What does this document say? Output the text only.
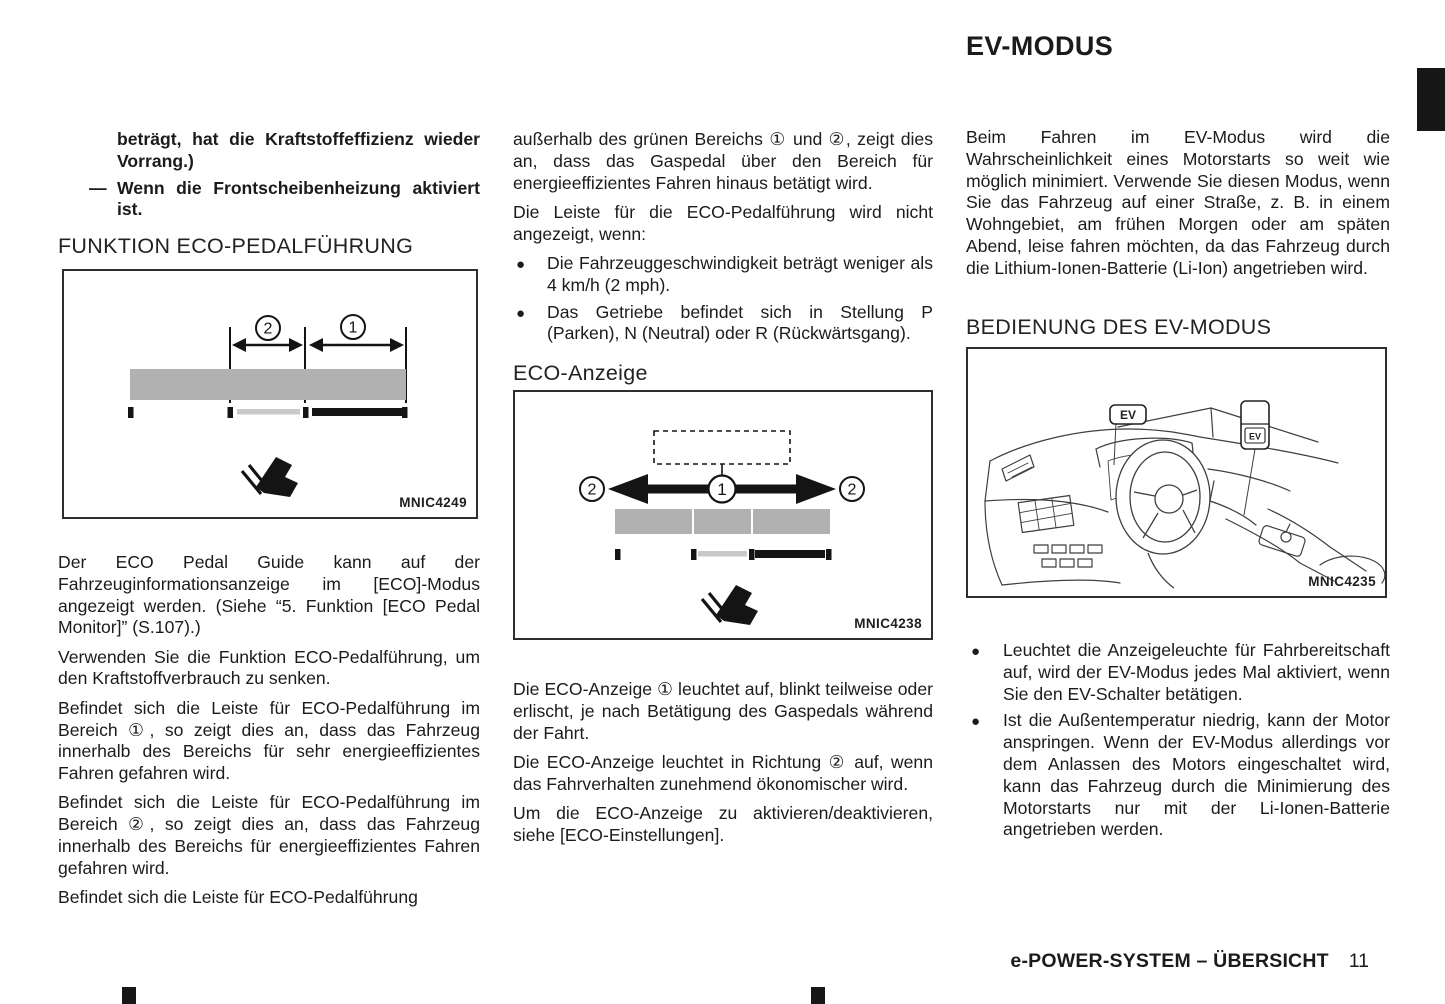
EV-MODUS
beträgt, hat die Kraftstoffeffizienz wieder Vorrang.)
— Wenn die Frontscheibenheizung aktiviert ist.
FUNKTION ECO-PEDALFÜHRUNG
2	1
MNIC4249

Der ECO Pedal Guide kann auf der Fahrzeuginformationsanzeige im [ECO]-Modus angezeigt werden. (Siehe “5. Funktion [ECO Pedal Monitor]” (S.107).)

Verwenden Sie die Funktion ECO-Pedalführung, um den Kraftstoffverbrauch zu senken.

Befindet sich die Leiste für ECO-Pedalführung im Bereich ①, so zeigt dies an, dass das Fahrzeug innerhalb des Bereichs für sehr energieeffizientes Fahren gefahren wird.

Befindet sich die Leiste für ECO-Pedalführung im Bereich ②, so zeigt dies an, dass das Fahrzeug innerhalb des Bereichs für energieeffizientes Fahren gefahren wird.

Befindet sich die Leiste für ECO-Pedalführung

außerhalb des grünen Bereichs ① und ②, zeigt dies an, dass das Gaspedal über den Bereich für energieeffizientes Fahren hinaus betätigt wird.

Die Leiste für die ECO-Pedalführung wird nicht angezeigt, wenn:

● Die Fahrzeuggeschwindigkeit beträgt weniger als 4 km/h (2 mph).
● Das Getriebe befindet sich in Stellung P (Parken), N (Neutral) oder R (Rückwärtsgang).
ECO-Anzeige
1
2	2
MNIC4238

Die ECO-Anzeige ① leuchtet auf, blinkt teilweise oder erlischt, je nach Betätigung des Gaspedals während der Fahrt.

Die ECO-Anzeige leuchtet in Richtung ② auf, wenn das Fahrverhalten zunehmend ökonomischer wird.

Um die ECO-Anzeige zu aktivieren/deaktivieren, siehe [ECO-Einstellungen].

Beim Fahren im EV-Modus wird die Wahrscheinlichkeit eines Motorstarts so weit wie möglich minimiert. Verwende Sie diesen Modus, wenn Sie das Fahrzeug auf einer Straße, z. B. in einem Wohngebiet, am frühen Morgen oder am späten Abend, leise fahren möchten, da das Fahrzeug durch die Lithium-Ionen-Batterie (Li-Ion) angetrieben wird.

BEDIENUNG DES EV-MODUS
EV
EV
MNIC4235
● Leuchtet die Anzeigeleuchte für Fahrbereitschaft auf, wird der EV-Modus jedes Mal aktiviert, wenn Sie den EV-Schalter betätigen.
● Ist die Außentemperatur niedrig, kann der Motor anspringen. Wenn der EV-Modus allerdings vor dem Anlassen des Motors eingeschaltet wird, kann das Fahrzeug durch die Minimierung des Motorstarts nur mit der Li-Ionen-Batterie angetrieben werden.
e-POWER-SYSTEM – ÜBERSICHT 11
